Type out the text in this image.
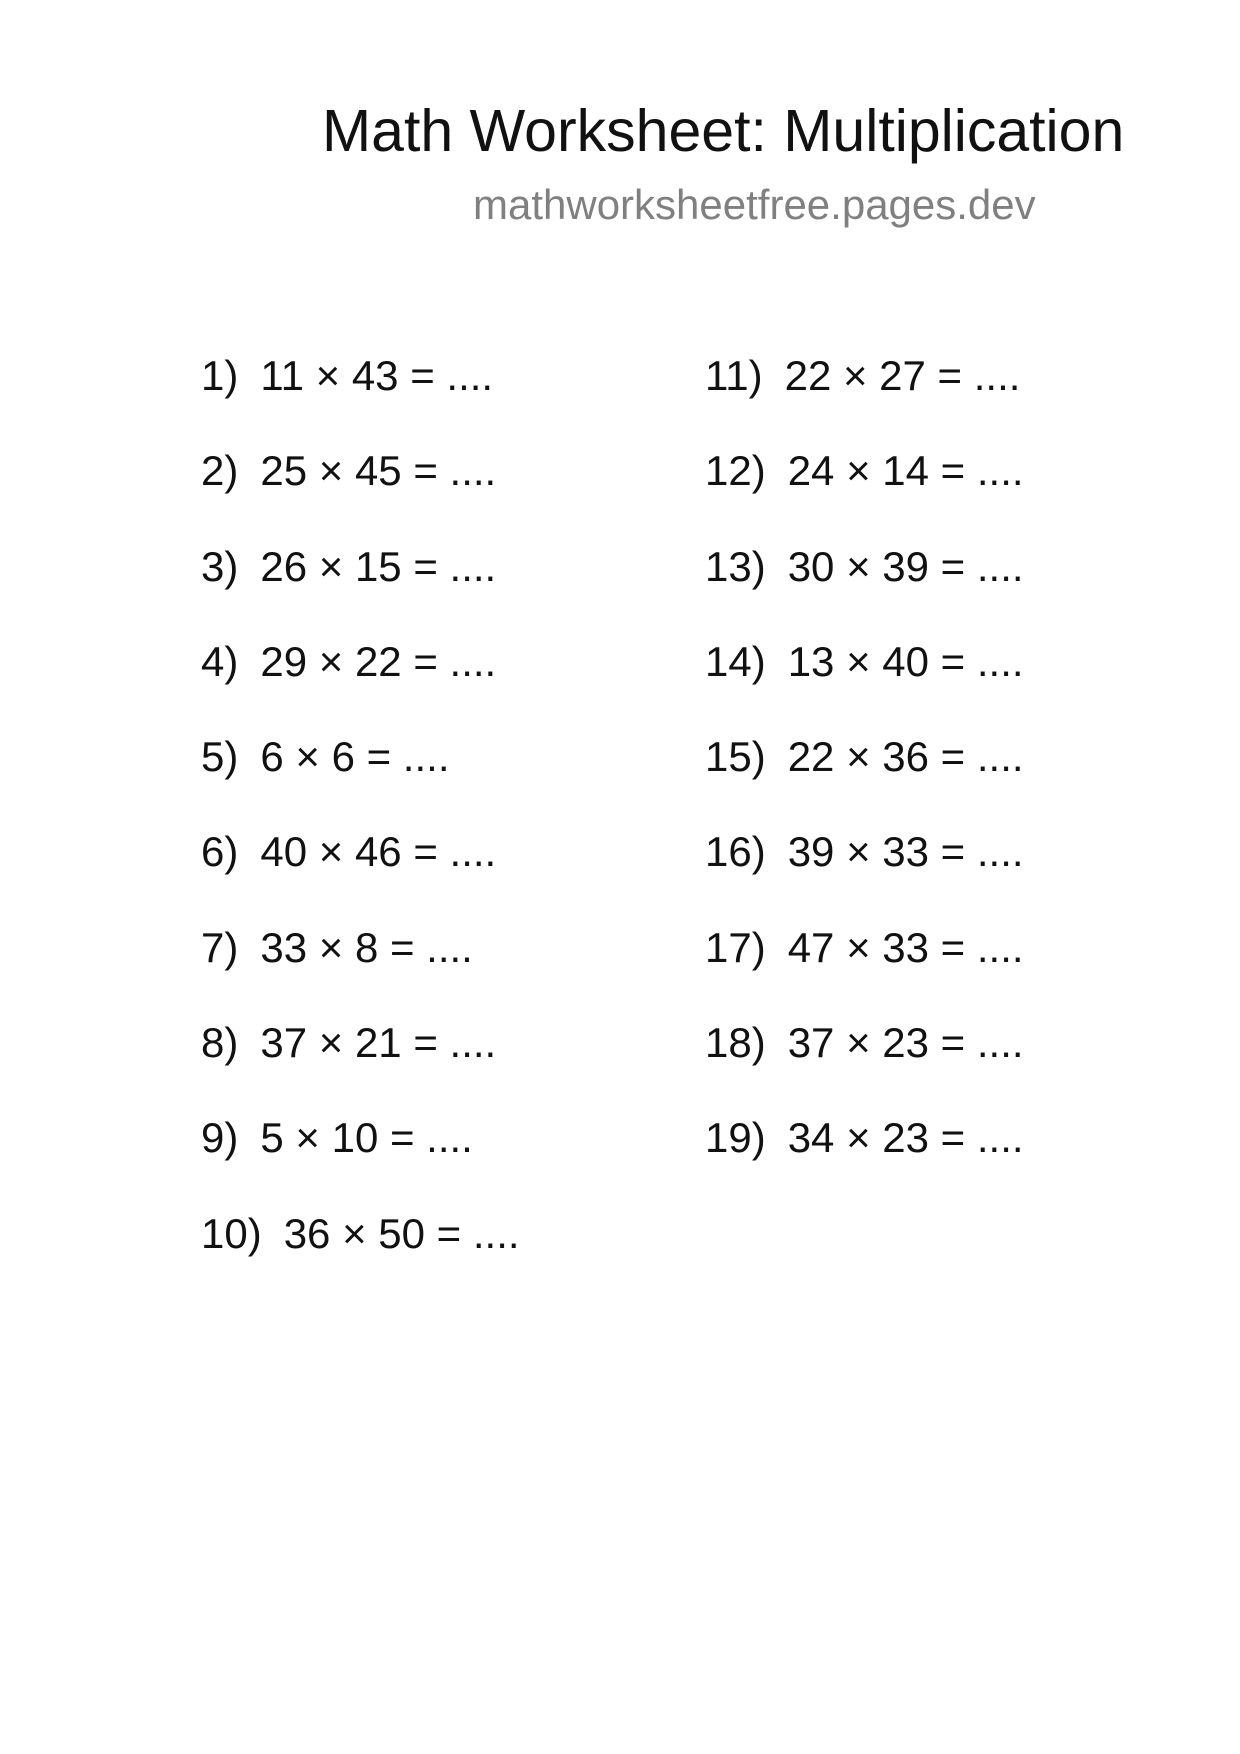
Math Worksheet: Multiplication
mathworksheetfree.pages.dev
1) 11 × 43 = ....
2) 25 × 45 = ....
3) 26 × 15 = ....
4) 29 × 22 = ....
5) 6 × 6 = ....
6) 40 × 46 = ....
7) 33 × 8 = ....
8) 37 × 21 = ....
9) 5 × 10 = ....
10) 36 × 50 = ....
11) 22 × 27 = ....
12) 24 × 14 = ....
13) 30 × 39 = ....
14) 13 × 40 = ....
15) 22 × 36 = ....
16) 39 × 33 = ....
17) 47 × 33 = ....
18) 37 × 23 = ....
19) 34 × 23 = ....
